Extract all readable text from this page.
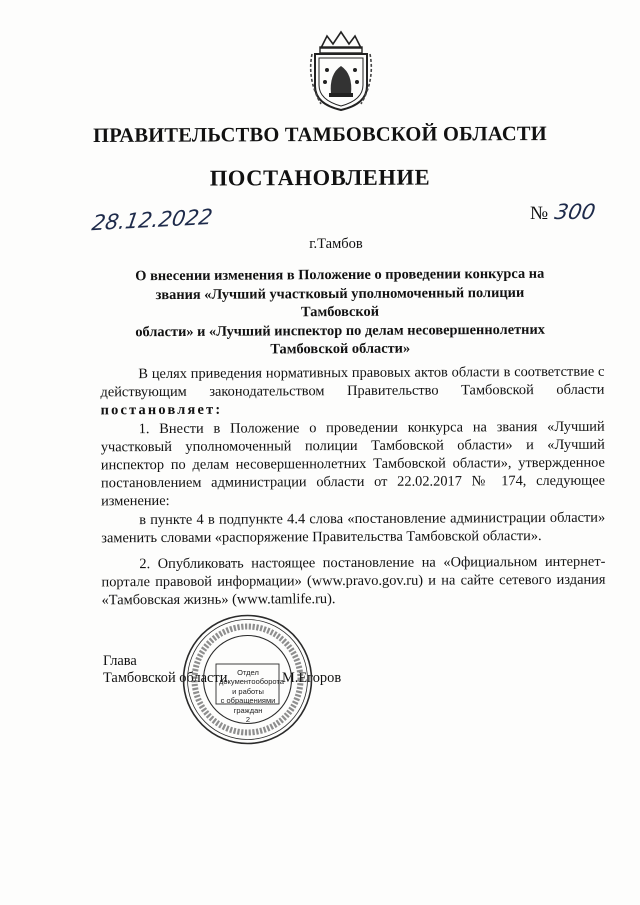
ПРАВИТЕЛЬСТВО ТАМБОВСКОЙ ОБЛАСТИ
ПОСТАНОВЛЕНИЕ
28.12.2022	№ 300
г.Тамбов
О внесении изменения в Положение о проведении конкурса на
звания «Лучший участковый уполномоченный полиции Тамбовской
области» и «Лучший инспектор по делам несовершеннолетних
Тамбовской области»

В целях приведения нормативных правовых актов области в соответствие с действующим законодательством Правительство Тамбовской области постановляет:

1. Внести в Положение о проведении конкурса на звания «Лучший участковый уполномоченный полиции Тамбовской области» и «Лучший инспектор по делам несовершеннолетних Тамбовской области», утвержденное постановлением администрации области от 22.02.2017 № 174, следующее изменение:

в пункте 4 в подпункте 4.4 слова «постановление администрации области» заменить словами «распоряжение Правительства Тамбовской области».

2. Опубликовать настоящее постановление на «Официальном интернет-портале правовой информации» (www.pravo.gov.ru) и на сайте сетевого издания «Тамбовская жизнь» (www.tamlife.ru).

Глава
Тамбовской области	М.Егоров
Отдел
документооборота
и работы
с обращениями
граждан
2
